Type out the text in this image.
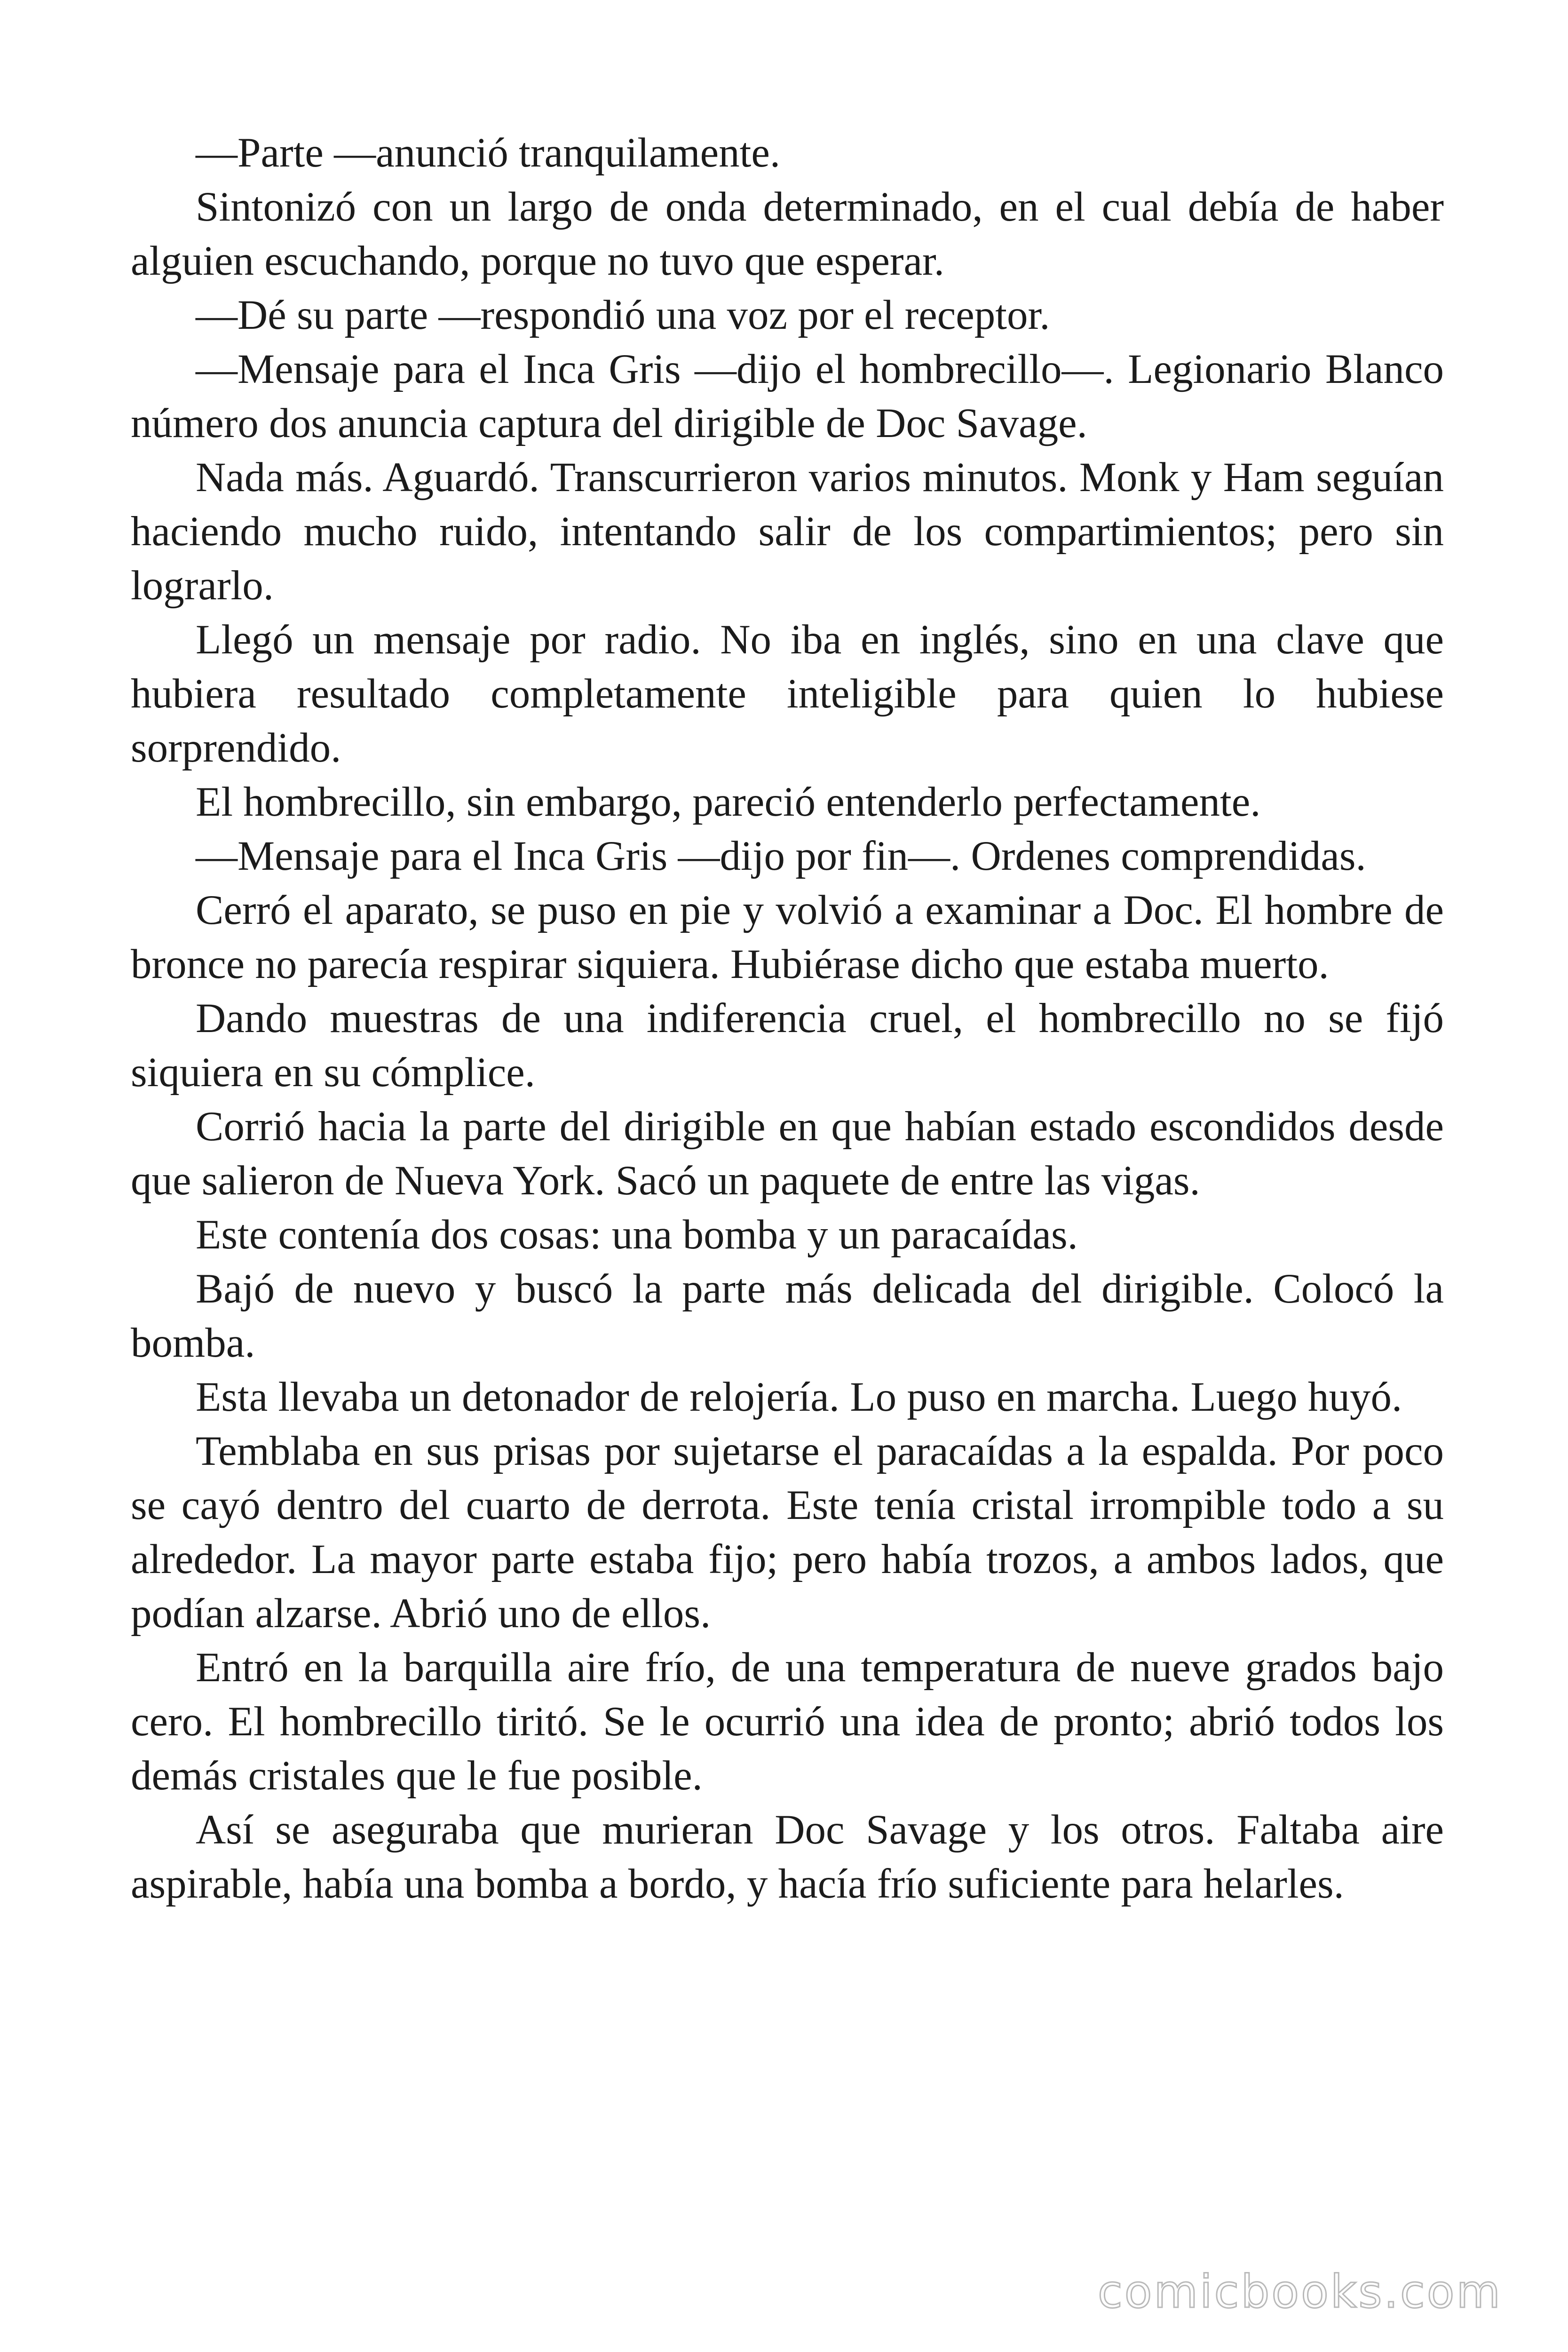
—Parte —anunció tranquilamente.

Sintonizó con un largo de onda determinado, en el cual debía de haber alguien escuchando, porque no tuvo que esperar.

—Dé su parte —respondió una voz por el receptor.

—Mensaje para el Inca Gris —dijo el hombrecillo—. Legionario Blanco número dos anuncia captura del dirigible de Doc Savage.

Nada más. Aguardó. Transcurrieron varios minutos. Monk y Ham seguían haciendo mucho ruido, intentando salir de los compartimientos; pero sin lograrlo.

Llegó un mensaje por radio. No iba en inglés, sino en una clave que hubiera resultado completamente inteligible para quien lo hubiese sorprendido.

El hombrecillo, sin embargo, pareció entenderlo perfectamente.

—Mensaje para el Inca Gris —dijo por fin—. Ordenes comprendidas.

Cerró el aparato, se puso en pie y volvió a examinar a Doc. El hombre de bronce no parecía respirar siquiera. Hubiérase dicho que estaba muerto.

Dando muestras de una indiferencia cruel, el hombrecillo no se fijó siquiera en su cómplice.

Corrió hacia la parte del dirigible en que habían estado escondidos desde que salieron de Nueva York. Sacó un paquete de entre las vigas.

Este contenía dos cosas: una bomba y un paracaídas.

Bajó de nuevo y buscó la parte más delicada del dirigible. Colocó la bomba.

Esta llevaba un detonador de relojería. Lo puso en marcha. Luego huyó.

Temblaba en sus prisas por sujetarse el paracaídas a la espalda. Por poco se cayó dentro del cuarto de derrota. Este tenía cristal irrompible todo a su alrededor. La mayor parte estaba fijo; pero había trozos, a ambos lados, que podían alzarse. Abrió uno de ellos.

Entró en la barquilla aire frío, de una temperatura de nueve grados bajo cero. El hombrecillo tiritó. Se le ocurrió una idea de pronto; abrió todos los demás cristales que le fue posible.

Así se aseguraba que murieran Doc Savage y los otros. Faltaba aire aspirable, había una bomba a bordo, y hacía frío suficiente para helarles.

comicbooks.com
